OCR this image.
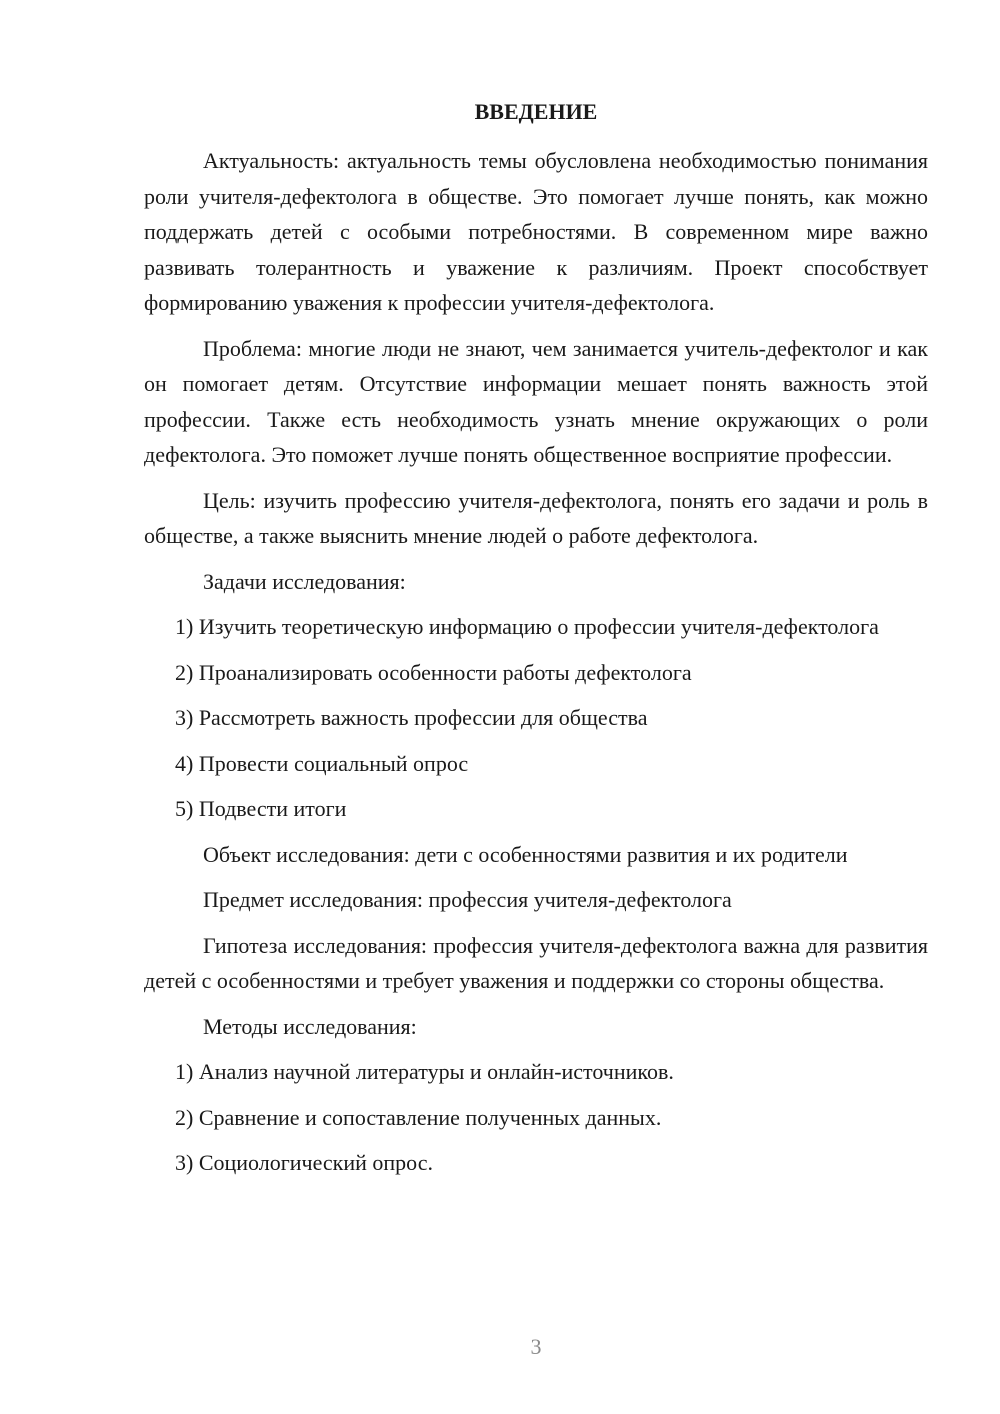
ВВЕДЕНИЕ

Актуальность: актуальность темы обусловлена необходимостью понимания роли учителя-дефектолога в обществе. Это помогает лучше понять, как можно поддержать детей с особыми потребностями. В современном мире важно развивать толерантность и уважение к различиям. Проект способствует формированию уважения к профессии учителя-дефектолога.

Проблема: многие люди не знают, чем занимается учитель-дефектолог и как он помогает детям. Отсутствие информации мешает понять важность этой профессии. Также есть необходимость узнать мнение окружающих о роли дефектолога. Это поможет лучше понять общественное восприятие профессии.

Цель: изучить профессию учителя-дефектолога, понять его задачи и роль в обществе, а также выяснить мнение людей о работе дефектолога.

Задачи исследования:

1) Изучить теоретическую информацию о профессии учителя-дефектолога

2) Проанализировать особенности работы дефектолога

3) Рассмотреть важность профессии для общества

4) Провести социальный опрос

5) Подвести итоги

Объект исследования: дети с особенностями развития и их родители

Предмет исследования: профессия учителя-дефектолога

Гипотеза исследования: профессия учителя-дефектолога важна для развития детей с особенностями и требует уважения и поддержки со стороны общества.

Методы исследования:

1) Анализ научной литературы и онлайн-источников.

2) Сравнение и сопоставление полученных данных.

3) Социологический опрос.

3
